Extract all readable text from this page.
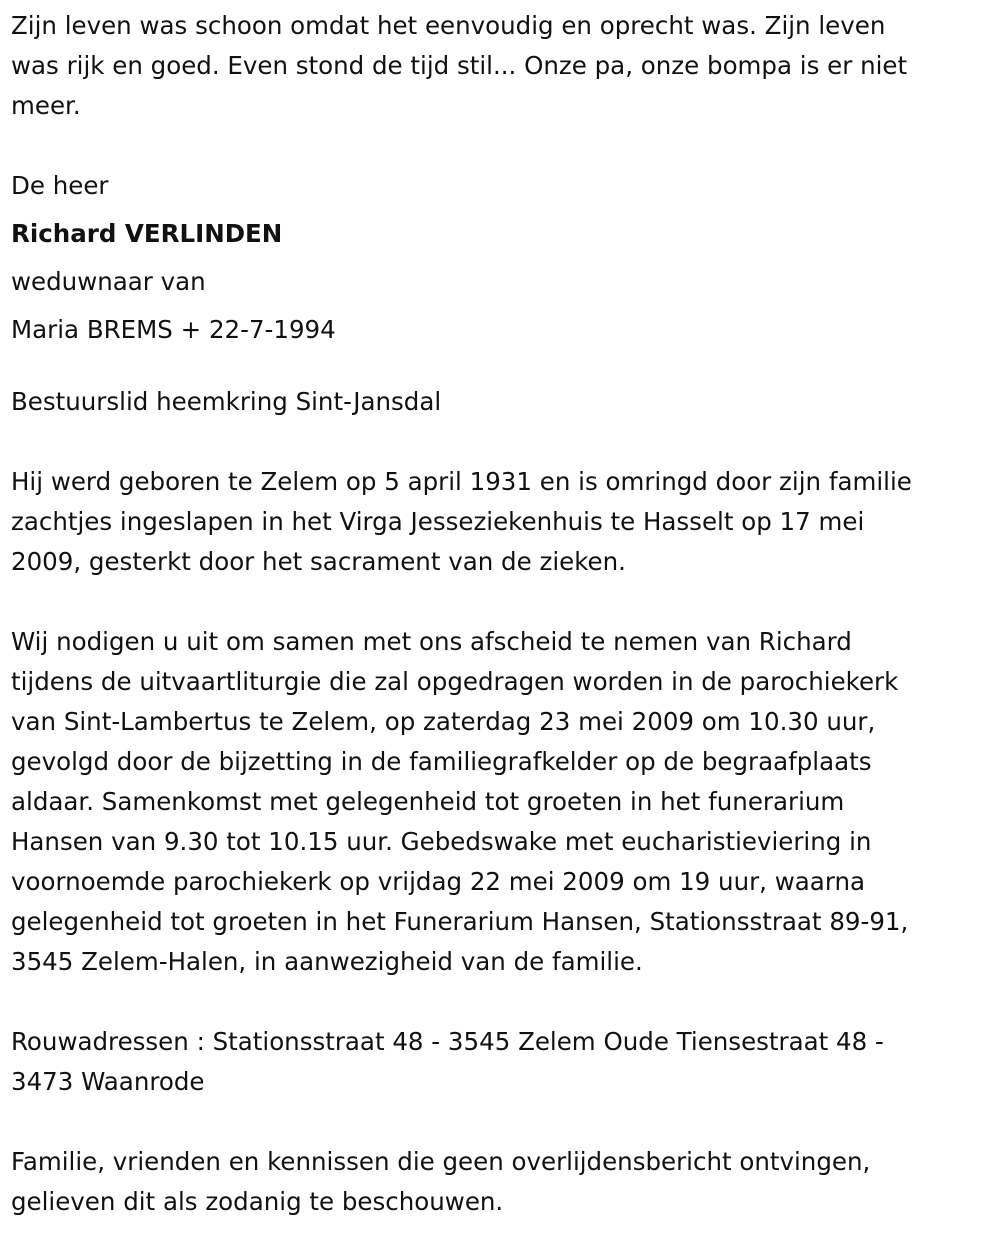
Zijn leven was schoon omdat het eenvoudig en oprecht was. Zijn leven
was rijk en goed. Even stond de tijd stil... Onze pa, onze bompa is er niet
meer.
De heer
Richard VERLINDEN
weduwnaar van
Maria BREMS + 22-7-1994
Bestuurslid heemkring Sint-Jansdal
Hij werd geboren te Zelem op 5 april 1931 en is omringd door zijn familie
zachtjes ingeslapen in het Virga Jesseziekenhuis te Hasselt op 17 mei
2009, gesterkt door het sacrament van de zieken.
Wij nodigen u uit om samen met ons afscheid te nemen van Richard
tijdens de uitvaartliturgie die zal opgedragen worden in de parochiekerk
van Sint-Lambertus te Zelem, op zaterdag 23 mei 2009 om 10.30 uur,
gevolgd door de bijzetting in de familiegrafkelder op de begraafplaats
aldaar. Samenkomst met gelegenheid tot groeten in het funerarium
Hansen van 9.30 tot 10.15 uur. Gebedswake met eucharistieviering in
voornoemde parochiekerk op vrijdag 22 mei 2009 om 19 uur, waarna
gelegenheid tot groeten in het Funerarium Hansen, Stationsstraat 89-91,
3545 Zelem-Halen, in aanwezigheid van de familie.
Rouwadressen : Stationsstraat 48 - 3545 Zelem Oude Tiensestraat 48 -
3473 Waanrode
Familie, vrienden en kennissen die geen overlijdensbericht ontvingen,
gelieven dit als zodanig te beschouwen.
